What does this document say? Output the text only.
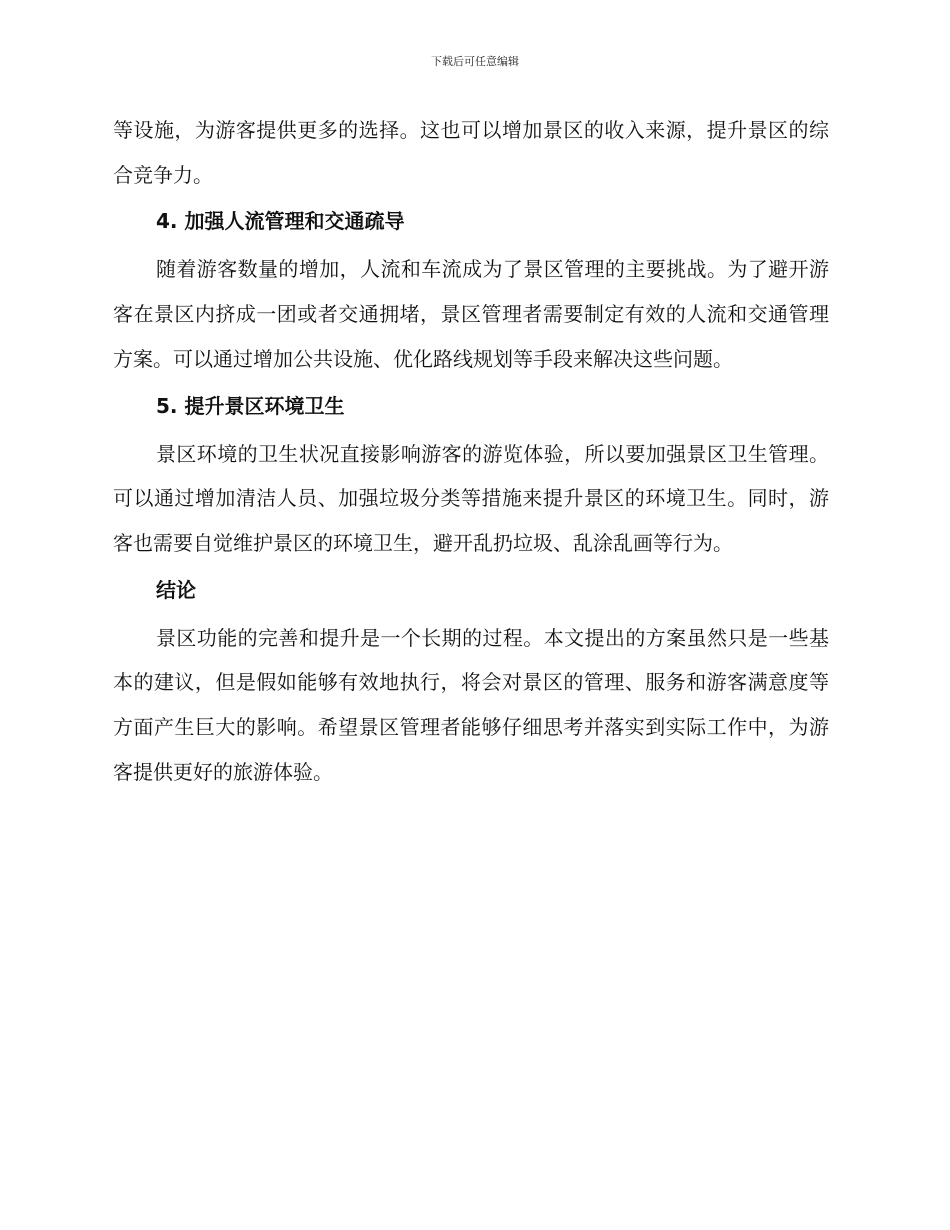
下载后可任意编辑

等设施，为游客提供更多的选择。这也可以增加景区的收入来源，提升景区的综合竞争力。

4. 加强人流管理和交通疏导

随着游客数量的增加，人流和车流成为了景区管理的主要挑战。为了避开游客在景区内挤成一团或者交通拥堵，景区管理者需要制定有效的人流和交通管理方案。可以通过增加公共设施、优化路线规划等手段来解决这些问题。

5. 提升景区环境卫生

景区环境的卫生状况直接影响游客的游览体验，所以要加强景区卫生管理。可以通过增加清洁人员、加强垃圾分类等措施来提升景区的环境卫生。同时，游客也需要自觉维护景区的环境卫生，避开乱扔垃圾、乱涂乱画等行为。

结论

景区功能的完善和提升是一个长期的过程。本文提出的方案虽然只是一些基本的建议，但是假如能够有效地执行，将会对景区的管理、服务和游客满意度等方面产生巨大的影响。希望景区管理者能够仔细思考并落实到实际工作中，为游客提供更好的旅游体验。
